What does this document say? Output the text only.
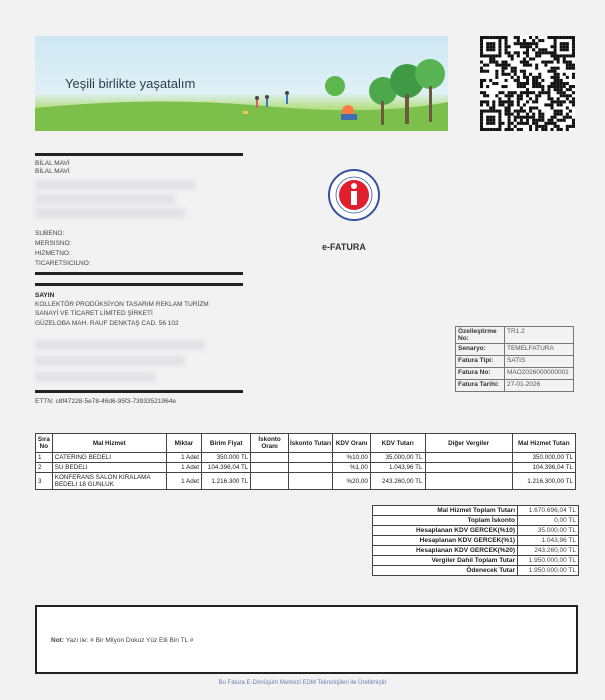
Yeşili birlikte yaşatalım
BİLAL MAVİ
BİLAL MAVİ
SUBENO:
MERSISNO:
HIZMETNO:
TICARETSICILNO:
e-FATURA
SAYIN
KOLLEKTÖR PRODÜKSİYON TASARIM REKLAM TURİZM
SANAYİ VE TİCARET LİMİTED ŞİRKETİ
GÜZELOBA MAH. RAUF DENKTAŞ CAD. 56 102
ETTN: c8f47228-5e78-46d6-95f3-73933521964e
Özelleştirme No:	TR1.2
Senaryo:	TEMELFATURA
Fatura Tipi:	SATIS
Fatura No:	MAO2026000000001
Fatura Tarihi:	27-01-2026
Sıra No	Mal Hizmet	Miktar	Birim Fiyat	İskonto Oranı	İskonto Tutarı	KDV Oranı	KDV Tutarı	Diğer Vergiler	Mal Hizmet Tutarı
1	CATERING BEDELI	1 Adet	350.000 TL			%10,00	35.000,00 TL		350.000,00 TL
2	SU BEDELI	1 Adet	104.396,04 TL			%1,00	1.043,96 TL		104.396,04 TL
3	KONFERANS SALON KIRALAMA BEDELI 18 GUNLUK	1 Adet	1.216.300 TL			%20,00	243.260,00 TL		1.216.300,00 TL
Mal Hizmet Toplam Tutarı	1.670.696,04 TL
Toplam İskonto	0,00 TL
Hesaplanan KDV GERCEK(%10)	35.000,00 TL
Hesaplanan KDV GERCEK(%1)	1.043,96 TL
Hesaplanan KDV GERCEK(%20)	243.260,00 TL
Vergiler Dahil Toplam Tutar	1.950.000,00 TL
Ödenecek Tutar	1.950.000,00 TL
Not: Yazı ile: # Bir Milyon Dokuz Yüz Elli Bin TL #
Bu Fatura E-Dönüşüm Merkezi EDM Teknolojileri ile Üretilmiştir
